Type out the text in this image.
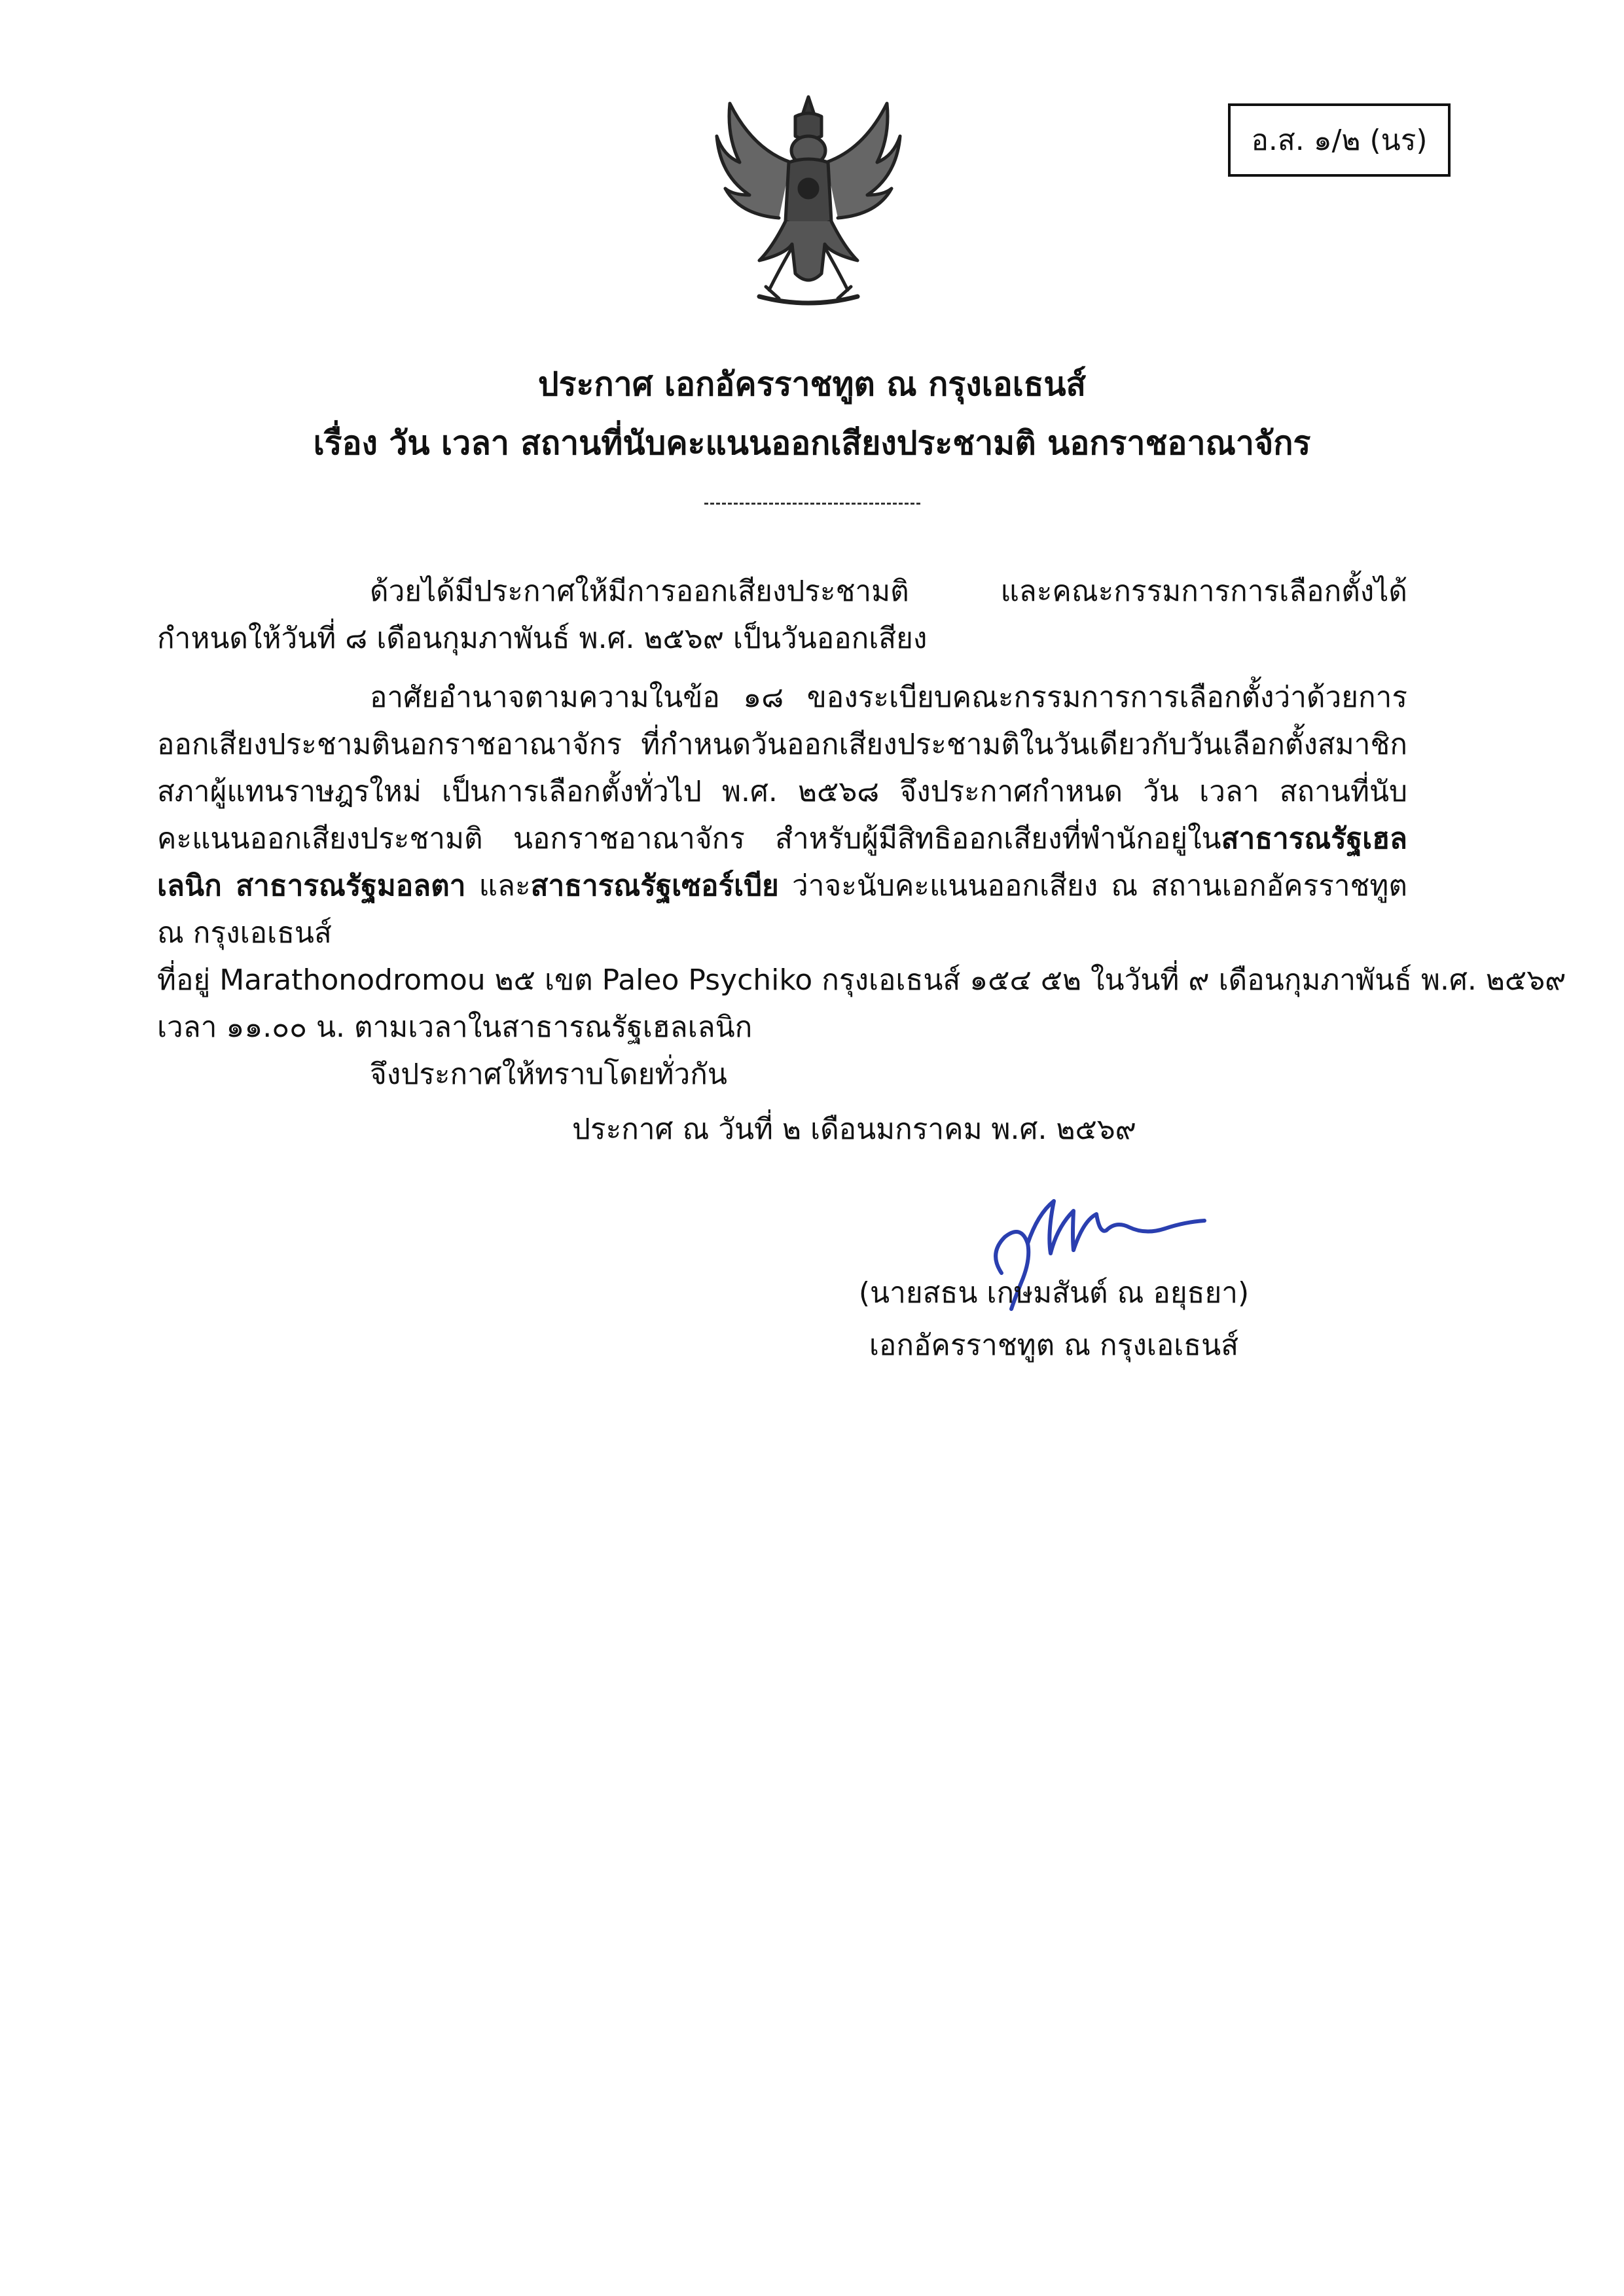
อ.ส. ๑/๒ (นร)
ประกาศ เอกอัครราชทูต ณ กรุงเอเธนส์
เรื่อง วัน เวลา สถานที่นับคะแนนออกเสียงประชามติ นอกราชอาณาจักร
ด้วยได้มีประกาศให้มีการออกเสียงประชามติ และคณะกรรมการการเลือกตั้งได้กำหนดให้วันที่ ๘ เดือนกุมภาพันธ์ พ.ศ. ๒๕๖๙ เป็นวันออกเสียง
อาศัยอำนาจตามความในข้อ ๑๘ ของระเบียบคณะกรรมการการเลือกตั้งว่าด้วยการออกเสียงประชามตินอกราชอาณาจักร ที่กำหนดวันออกเสียงประชามติในวันเดียวกับวันเลือกตั้งสมาชิกสภาผู้แทนราษฎรใหม่ เป็นการเลือกตั้งทั่วไป พ.ศ. ๒๕๖๘ จึงประกาศกำหนด วัน เวลา สถานที่นับคะแนนออกเสียงประชามติ นอกราชอาณาจักร สำหรับผู้มีสิทธิออกเสียงที่พำนักอยู่ในสาธารณรัฐเฮลเลนิก สาธารณรัฐมอลตา และสาธารณรัฐเซอร์เบีย ว่าจะนับคะแนนออกเสียง ณ สถานเอกอัครราชทูต ณ กรุงเอเธนส์
ที่อยู่ Marathonodromou ๒๕ เขต Paleo Psychiko กรุงเอเธนส์ ๑๕๔ ๕๒ ในวันที่ ๙ เดือนกุมภาพันธ์ พ.ศ. ๒๕๖๙
เวลา ๑๑.๐๐ น. ตามเวลาในสาธารณรัฐเฮลเลนิก
จึงประกาศให้ทราบโดยทั่วกัน
ประกาศ ณ วันที่ ๒ เดือนมกราคม พ.ศ. ๒๕๖๙
(นายสธน เกษมสันต์ ณ อยุธยา)
เอกอัครราชทูต ณ กรุงเอเธนส์
